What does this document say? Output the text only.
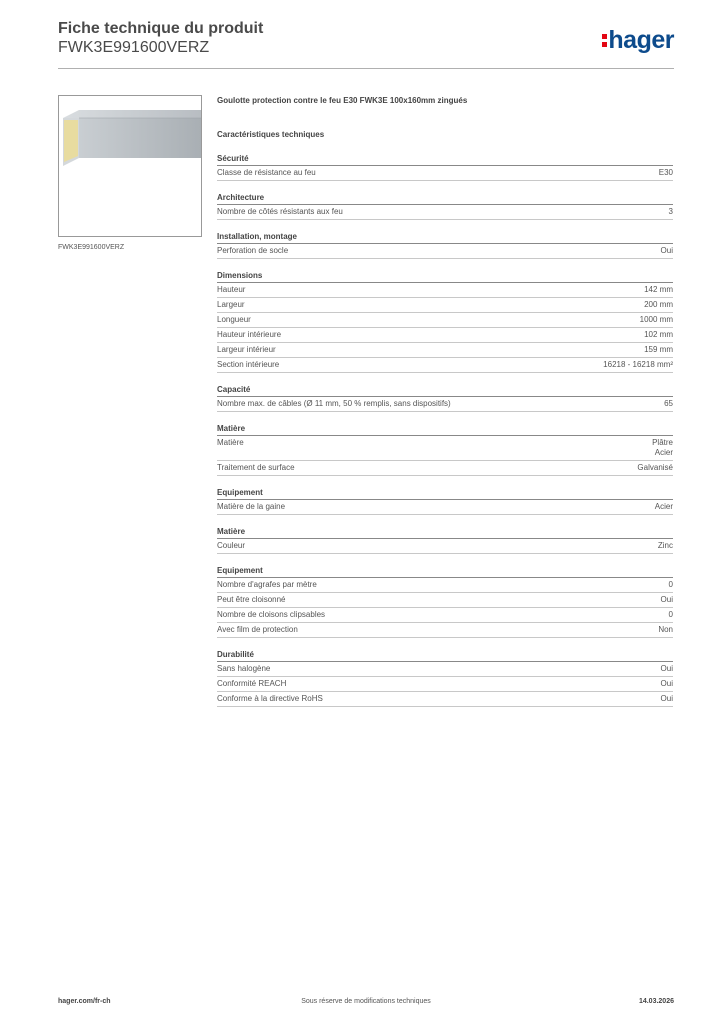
Fiche technique du produit
FWK3E991600VERZ	hager
FWK3E991600VERZ
Goulotte protection contre le feu E30 FWK3E 100x160mm zingués
Caractéristiques techniques
Sécurité
Classe de résistance au feu	E30
Architecture
Nombre de côtés résistants aux feu	3
Installation, montage
Perforation de socle	Oui
Dimensions
Hauteur	142 mm
Largeur	200 mm
Longueur	1000 mm
Hauteur intérieure	102 mm
Largeur intérieur	159 mm
Section intérieure	16218 - 16218 mm²
Capacité
Nombre max. de câbles (Ø 11 mm, 50 % remplis, sans dispositifs)	65
Matière
Matière	Plâtre
Acier
Traitement de surface	Galvanisé
Equipement
Matière de la gaine	Acier
Matière
Couleur	Zinc
Equipement
Nombre d'agrafes par mètre	0
Peut être cloisonné	Oui
Nombre de cloisons clipsables	0
Avec film de protection	Non
Durabilité
Sans halogène	Oui
Conformité REACH	Oui
Conforme à la directive RoHS	Oui
hager.com/fr-ch	Sous réserve de modifications techniques	14.03.2026
